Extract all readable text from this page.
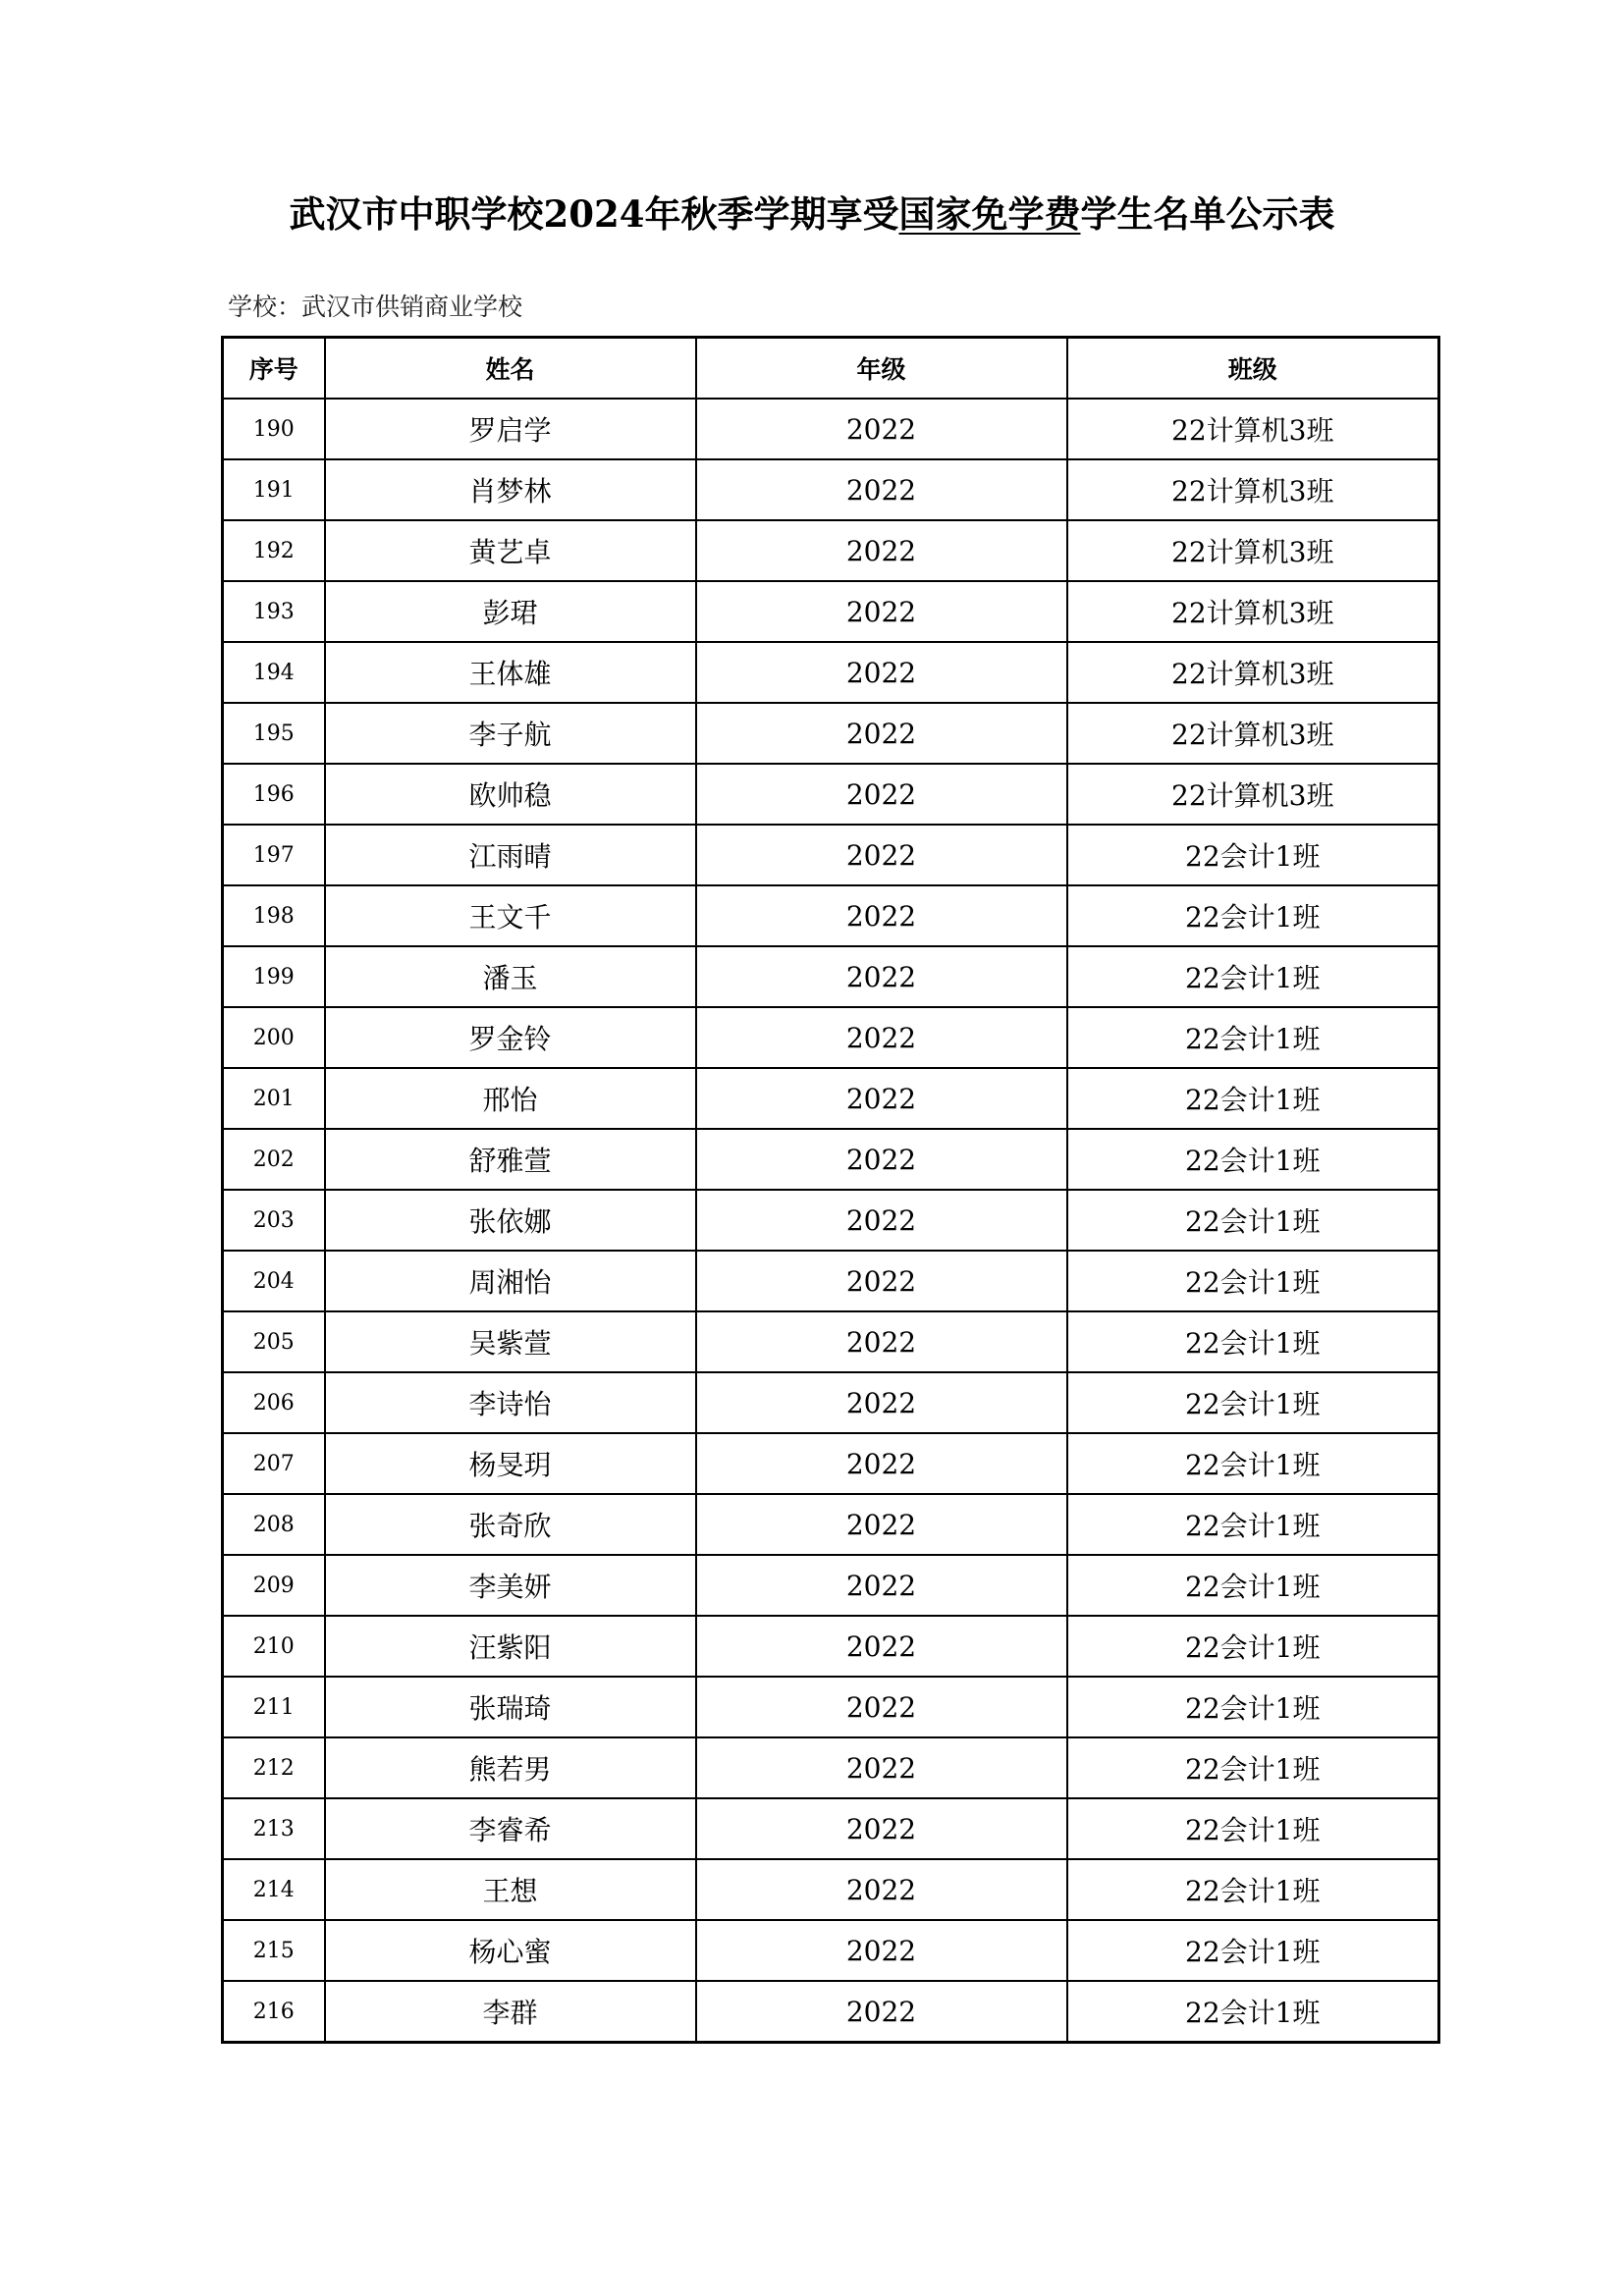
武汉市中职学校2024年秋季学期享受国家免学费学生名单公示表
学校：武汉市供销商业学校
序号	姓名	年级	班级
190	罗启学	2022	22计算机3班
191	肖梦林	2022	22计算机3班
192	黄艺卓	2022	22计算机3班
193	彭珺	2022	22计算机3班
194	王体雄	2022	22计算机3班
195	李子航	2022	22计算机3班
196	欧帅稳	2022	22计算机3班
197	江雨晴	2022	22会计1班
198	王文千	2022	22会计1班
199	潘玉	2022	22会计1班
200	罗金铃	2022	22会计1班
201	邢怡	2022	22会计1班
202	舒雅萱	2022	22会计1班
203	张依娜	2022	22会计1班
204	周湘怡	2022	22会计1班
205	吴紫萱	2022	22会计1班
206	李诗怡	2022	22会计1班
207	杨旻玥	2022	22会计1班
208	张奇欣	2022	22会计1班
209	李美妍	2022	22会计1班
210	汪紫阳	2022	22会计1班
211	张瑞琦	2022	22会计1班
212	熊若男	2022	22会计1班
213	李睿希	2022	22会计1班
214	王想	2022	22会计1班
215	杨心蜜	2022	22会计1班
216	李群	2022	22会计1班
